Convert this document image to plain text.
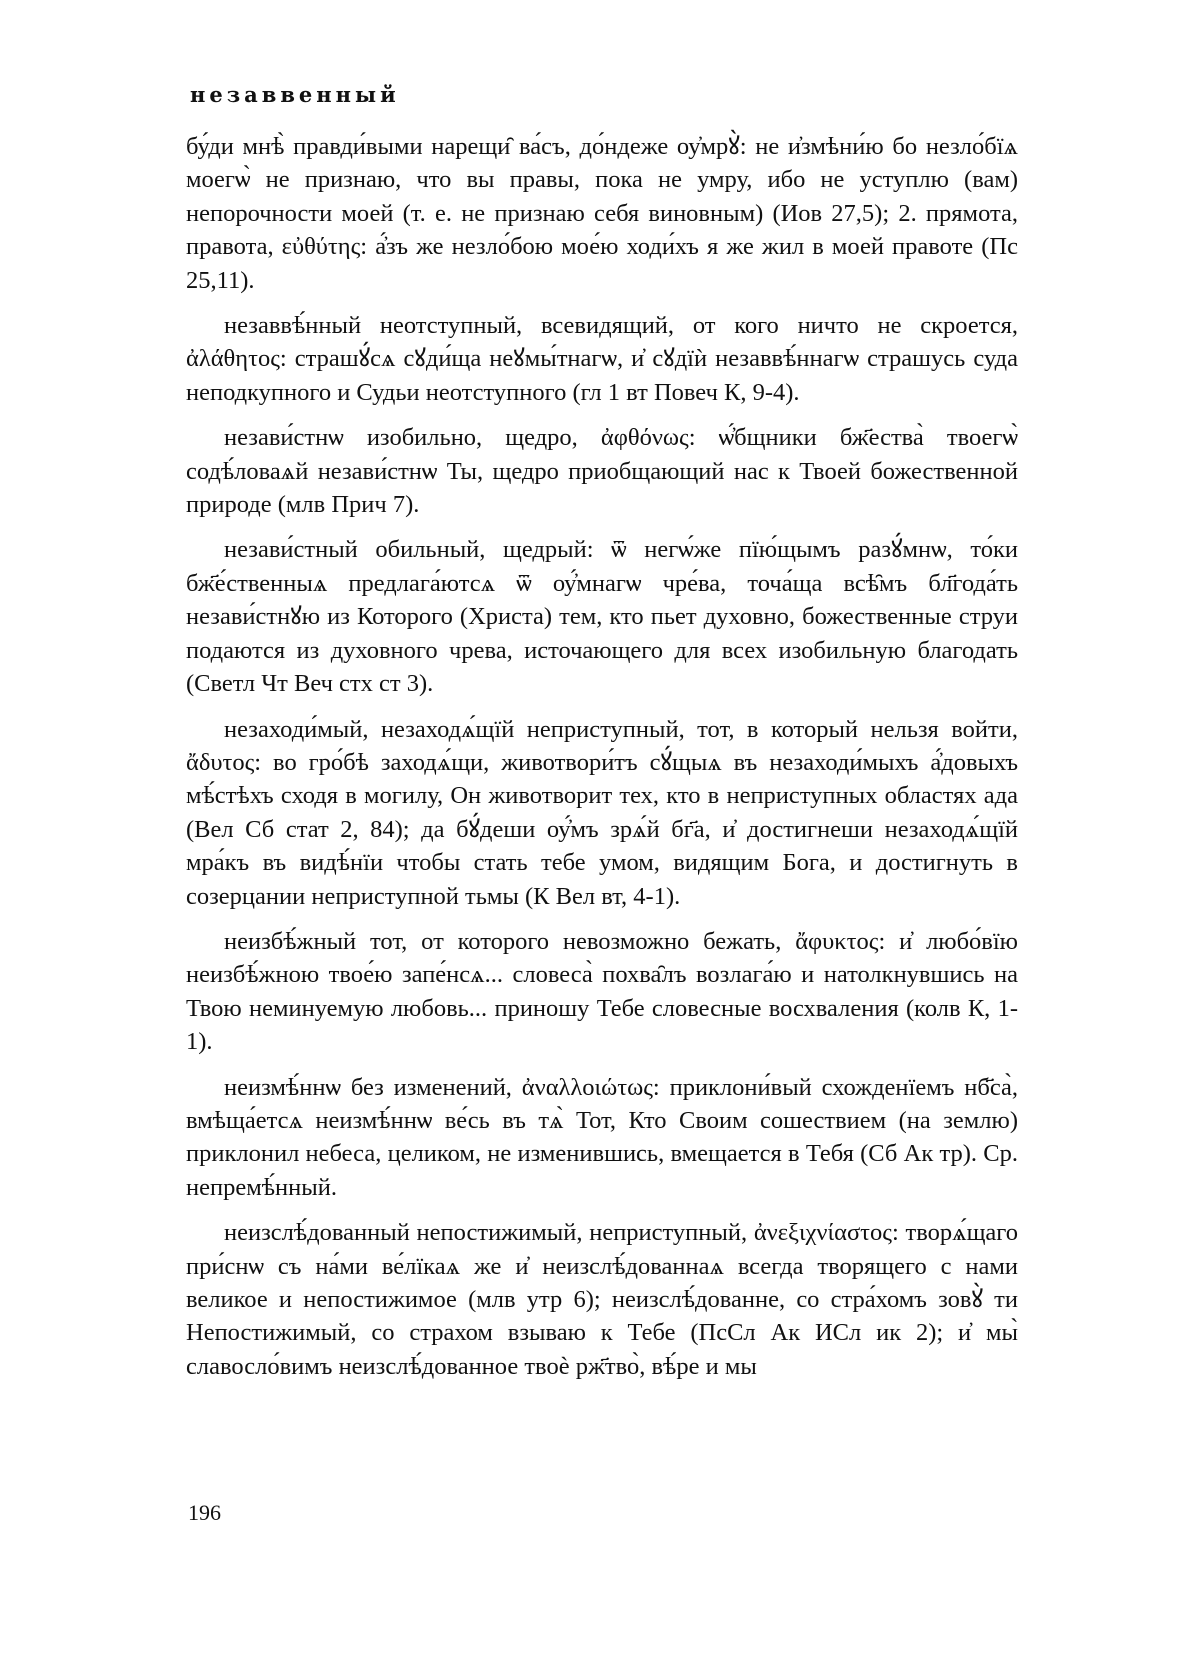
незаввенный

бу́ди мнѣ̀ правди́выми нарещи̑ ва́съ, до́ндеже оу҆мрꙋ̀: не и҆змѣни́ю бо незло́бїѧ моегѡ̀ не признаю, что вы правы, пока не умру, ибо не уступлю (вам) непорочности моей (т. е. не признаю себя виновным) (Иов 27,5); 2. прямота, правота, εὐθύτης: а҆́зъ же незло́бою мое́ю ходи́хъ я же жил в моей правоте (Пс 25,11).

незаввѣ́нный неотступный, всевидящий, от кого ничто не скроется, ἀλάθητος: страшꙋ́сѧ сꙋди́ща неꙋмы́тнагѡ, и҆ сꙋдїѝ незаввѣ́ннагѡ страшусь суда неподкупного и Судьи неотступного (гл 1 вт Повеч К, 9-4).

незави́стнѡ изобильно, щедро, ἀφθόνως: ѡ҆́бщники бж҃ества̀ твоегѡ̀ содѣ́ловаѧй незави́стнѡ Ты, щедро приобщающий нас к Твоей божественной природе (млв Прич 7).

незави́стный обильный, щедрый: ѿ негѡ́же пїю́щымъ разꙋ́мнѡ, то́ки бж҃е́ственныѧ предлага́ютсѧ ѿ оу҆́мнагѡ чре́ва, точа́ща всѣ̑мъ бл҃года́ть незави́стнꙋю из Которого (Христа) тем, кто пьет духовно, божественные струи подаются из духовного чрева, источающего для всех изобильную благодать (Светл Чт Веч стх ст 3).

незаходи́мый, незаходѧ́щїй неприступный, тот, в который нельзя войти, ἄδυτος: во гро́бѣ заходѧ́щи, животвори́тъ сꙋ́щыѧ въ незаходи́мыхъ а҆́довыхъ мѣ́стѣхъ сходя в могилу, Он животворит тех, кто в неприступных областях ада (Вел Сб стат 2, 84); да бꙋ́деши оу҆́мъ зрѧ́й бг҃а, и҆ достигнеши незаходѧ́щїй мра́къ въ видѣ́нїи чтобы стать тебе умом, видящим Бога, и достигнуть в созерцании неприступной тьмы (К Вел вт, 4-1).

неизбѣ́жный тот, от которого невозможно бежать, ἄφυκτος: и҆ любо́вїю неизбѣ́жною твое́ю запе́нсѧ... словеса̀ похва̑лъ возлага́ю и натолкнувшись на Твою неминуемую любовь... приношу Тебе словесные восхваления (колв К, 1-1).

неизмѣ́ннѡ без изменений, ἀναλλοιώτως: приклони́вый схожденїемъ нб҃са̀, вмѣща́етсѧ неизмѣ́ннѡ ве́сь въ тѧ̀ Тот, Кто Своим сошествием (на землю) приклонил небеса, целиком, не изменившись, вмещается в Тебя (Сб Ак тр). Ср. непремѣ́нный.

неизслѣ́дованный непостижимый, неприступный, ἀνεξιχνίαστος: творѧ́щаго при́снѡ съ на́ми ве́лїкаѧ же и҆ неизслѣ́дованнаѧ всегда творящего с нами великое и непостижимое (млв утр 6); неизслѣ́дованне, со стра́хомъ зовꙋ̀ ти Непостижимый, со страхом взываю к Тебе (ПсСл Ак ИСл ик 2); и҆ мы̀ славосло́вимъ неизслѣ́дованное твоѐ рж҃тво̀, вѣ́ре и мы

196
